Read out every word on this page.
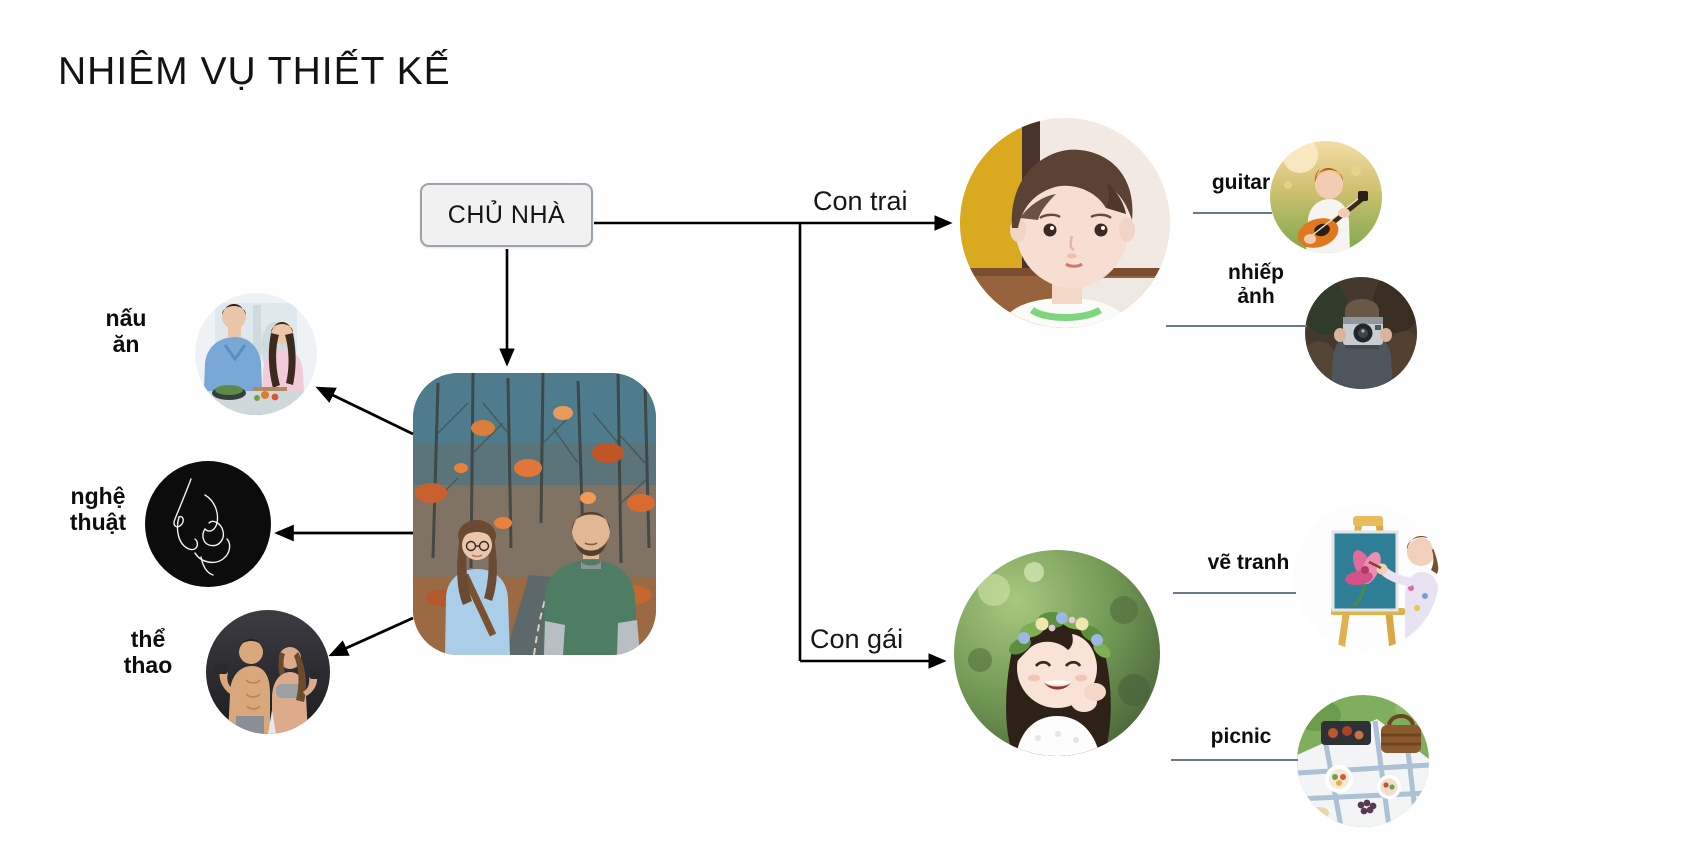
NHIÊM VỤ THIẾT KẾ
CHỦ NHÀ	Con trai
Con gái
nấu ăn
nghệ thuật
thể thao
guitar
nhiếp ảnh
vẽ tranh
picnic
